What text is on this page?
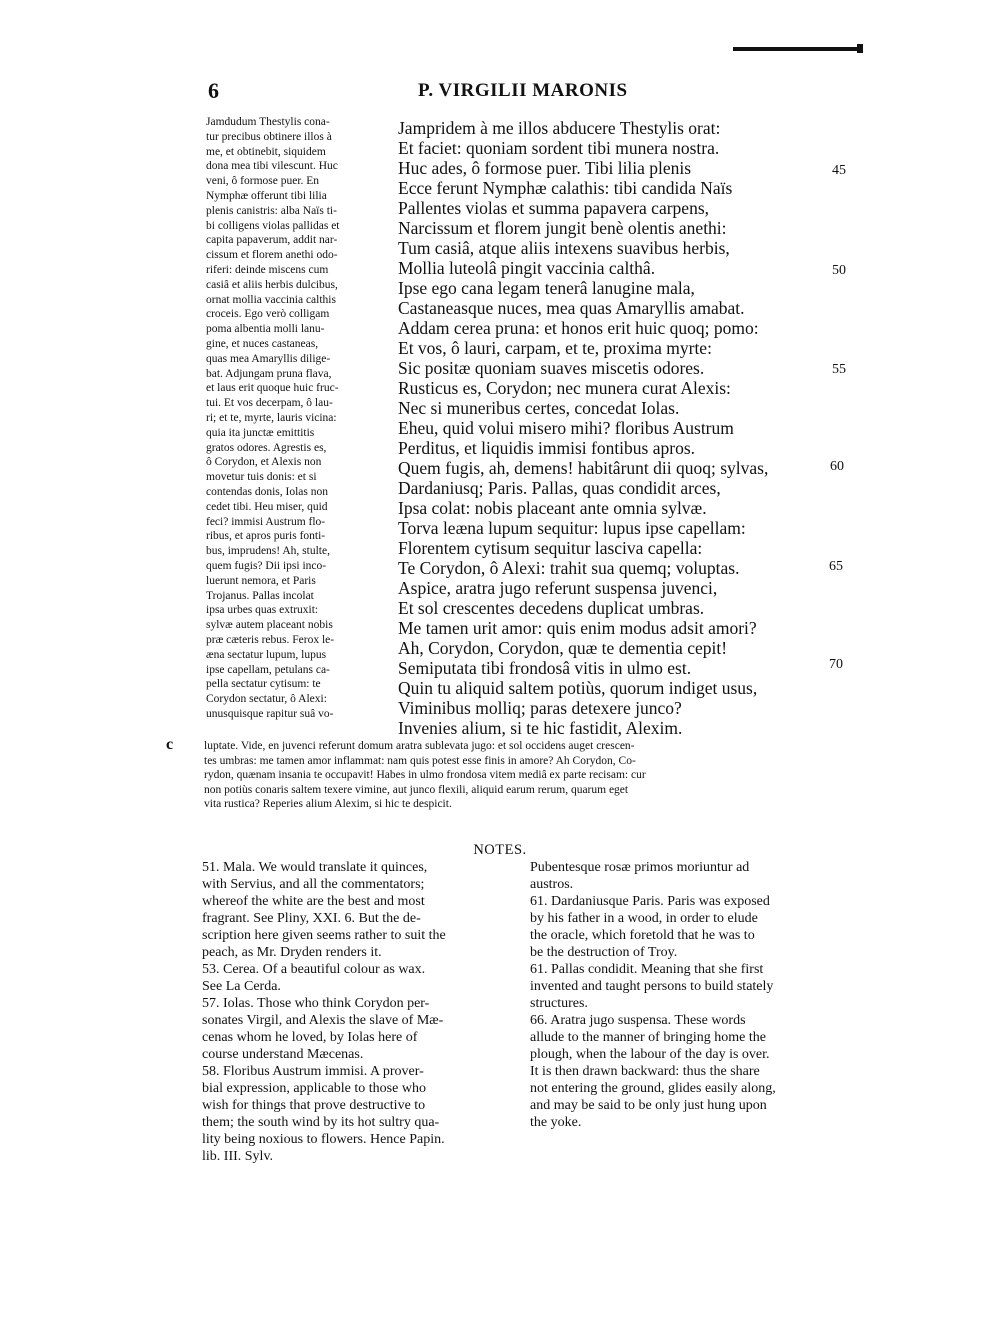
6	P. VIRGILII MARONIS
Jamdudum Thestylis cona-
tur precibus obtinere illos à
me, et obtinebit, siquidem
dona mea tibi vilescunt. Huc
veni, ô formose puer. En
Nymphæ offerunt tibi lilia
plenis canistris: alba Naïs ti-
bi colligens violas pallidas et
capita papaverum, addit nar-
cissum et florem anethi odo-
riferi: deinde miscens cum
casiâ et aliis herbis dulcibus,
ornat mollia vaccinia calthis
croceis. Ego verò colligam
poma albentia molli lanu-
gine, et nuces castaneas,
quas mea Amaryllis dilige-
bat. Adjungam pruna flava,
et laus erit quoque huic fruc-
tui. Et vos decerpam, ô lau-
ri; et te, myrte, lauris vicina:
quia ita junctæ emittitis
gratos odores. Agrestis es,
ô Corydon, et Alexis non
movetur tuis donis: et si
contendas donis, Iolas non
cedet tibi. Heu miser, quid
feci? immisi Austrum flo-
ribus, et apros puris fonti-
bus, imprudens! Ah, stulte,
quem fugis? Dii ipsi inco-
luerunt nemora, et Paris
Trojanus. Pallas incolat
ipsa urbes quas extruxit:
sylvæ autem placeant nobis
præ cæteris rebus. Ferox le-
æna sectatur lupum, lupus
ipse capellam, petulans ca-
pella sectatur cytisum: te
Corydon sectatur, ô Alexi:
unusquisque rapitur suâ vo-
Jampridem à me illos abducere Thestylis orat:
Et faciet: quoniam sordent tibi munera nostra.
Huc ades, ô formose puer. Tibi lilia plenis
Ecce ferunt Nymphæ calathis: tibi candida Naïs
Pallentes violas et summa papavera carpens,
Narcissum et florem jungit benè olentis anethi:
Tum casiâ, atque aliis intexens suavibus herbis,
Mollia luteolâ pingit vaccinia calthâ.
Ipse ego cana legam tenerâ lanugine mala,
Castaneasque nuces, mea quas Amaryllis amabat.
Addam cerea pruna: et honos erit huic quoq; pomo:
Et vos, ô lauri, carpam, et te, proxima myrte:
Sic positæ quoniam suaves miscetis odores.
Rusticus es, Corydon; nec munera curat Alexis:
Nec si muneribus certes, concedat Iolas.
Eheu, quid volui misero mihi? floribus Austrum
Perditus, et liquidis immisi fontibus apros.
Quem fugis, ah, demens! habitârunt dii quoq; sylvas,
Dardaniusq; Paris. Pallas, quas condidit arces,
Ipsa colat: nobis placeant ante omnia sylvæ.
Torva leæna lupum sequitur: lupus ipse capellam:
Florentem cytisum sequitur lasciva capella:
Te Corydon, ô Alexi: trahit sua quemq; voluptas.
Aspice, aratra jugo referunt suspensa juvenci,
Et sol crescentes decedens duplicat umbras.
Me tamen urit amor: quis enim modus adsit amori?
Ah, Corydon, Corydon, quæ te dementia cepit!
Semiputata tibi frondosâ vitis in ulmo est.
Quin tu aliquid saltem potiùs, quorum indiget usus,
Viminibus molliq; paras detexere junco?
Invenies alium, si te hic fastidit, Alexim.
45
50
55
60
65
70
luptate. Vide, en juvenci referunt domum aratra sublevata jugo: et sol occidens auget crescen-
tes umbras: me tamen amor inflammat: nam quis potest esse finis in amore? Ah Corydon, Co-
rydon, quænam insania te occupavit! Habes in ulmo frondosa vitem mediâ ex parte recisam: cur
non potiùs conaris saltem texere vimine, aut junco flexili, aliquid earum rerum, quarum eget
vita rustica? Reperies alium Alexim, si hic te despicit.
c
NOTES.
51. Mala. We would translate it quinces,
with Servius, and all the commentators;
whereof the white are the best and most
fragrant. See Pliny, XXI. 6. But the de-
scription here given seems rather to suit the
peach, as Mr. Dryden renders it.
53. Cerea. Of a beautiful colour as wax.
See La Cerda.
57. Iolas. Those who think Corydon per-
sonates Virgil, and Alexis the slave of Mæ-
cenas whom he loved, by Iolas here of
course understand Mæcenas.
58. Floribus Austrum immisi. A prover-
bial expression, applicable to those who
wish for things that prove destructive to
them; the south wind by its hot sultry qua-
lity being noxious to flowers. Hence Papin.
lib. III. Sylv.
Pubentesque rosæ primos moriuntur ad
austros.
61. Dardaniusque Paris. Paris was exposed
by his father in a wood, in order to elude
the oracle, which foretold that he was to
be the destruction of Troy.
61. Pallas condidit. Meaning that she first
invented and taught persons to build stately
structures.
66. Aratra jugo suspensa. These words
allude to the manner of bringing home the
plough, when the labour of the day is over.
It is then drawn backward: thus the share
not entering the ground, glides easily along,
and may be said to be only just hung upon
the yoke.
